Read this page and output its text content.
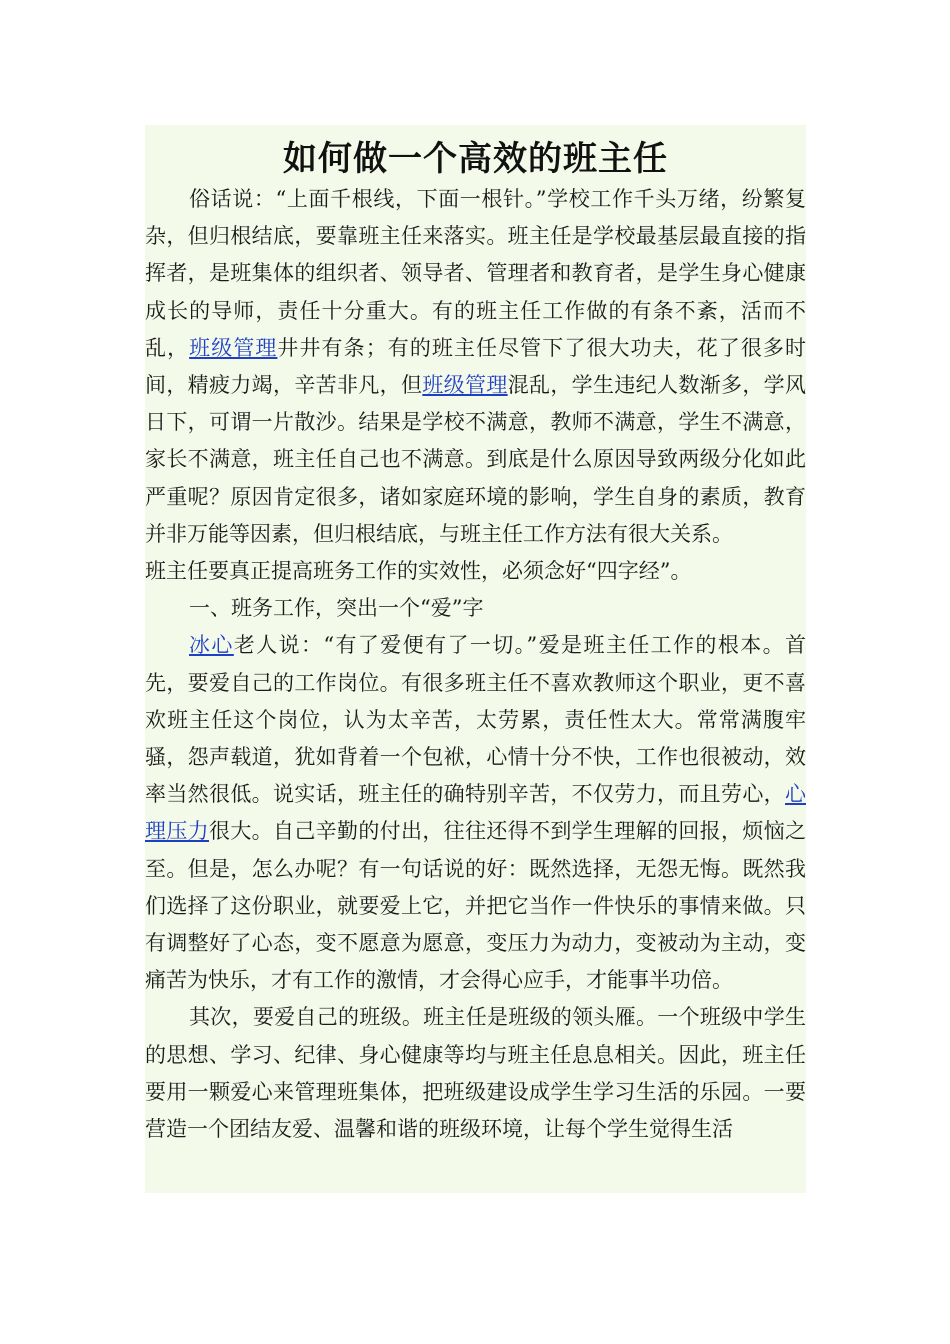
如何做一个高效的班主任

俗话说：“上面千根线，下面一根针。”学校工作千头万绪，纷繁复杂，但归根结底，要靠班主任来落实。班主任是学校最基层最直接的指挥者，是班集体的组织者、领导者、管理者和教育者，是学生身心健康成长的导师，责任十分重大。有的班主任工作做的有条不紊，活而不乱，班级管理井井有条；有的班主任尽管下了很大功夫，花了很多时间，精疲力竭，辛苦非凡，但班级管理混乱，学生违纪人数渐多，学风日下，可谓一片散沙。结果是学校不满意，教师不满意，学生不满意，家长不满意，班主任自己也不满意。到底是什么原因导致两级分化如此严重呢？原因肯定很多，诸如家庭环境的影响，学生自身的素质，教育并非万能等因素，但归根结底，与班主任工作方法有很大关系。

班主任要真正提高班务工作的实效性，必须念好“四字经”。

一、班务工作，突出一个“爱”字

冰心老人说：“有了爱便有了一切。”爱是班主任工作的根本。首先，要爱自己的工作岗位。有很多班主任不喜欢教师这个职业，更不喜欢班主任这个岗位，认为太辛苦，太劳累，责任性太大。常常满腹牢骚，怨声载道，犹如背着一个包袱，心情十分不快，工作也很被动，效率当然很低。说实话，班主任的确特别辛苦，不仅劳力，而且劳心，心理压力很大。自己辛勤的付出，往往还得不到学生理解的回报，烦恼之至。但是，怎么办呢？有一句话说的好：既然选择，无怨无悔。既然我们选择了这份职业，就要爱上它，并把它当作一件快乐的事情来做。只有调整好了心态，变不愿意为愿意，变压力为动力，变被动为主动，变痛苦为快乐，才有工作的激情，才会得心应手，才能事半功倍。

其次，要爱自己的班级。班主任是班级的领头雁。一个班级中学生的思想、学习、纪律、身心健康等均与班主任息息相关。因此，班主任要用一颗爱心来管理班集体，把班级建设成学生学习生活的乐园。一要营造一个团结友爱、温馨和谐的班级环境，让每个学生觉得生活
